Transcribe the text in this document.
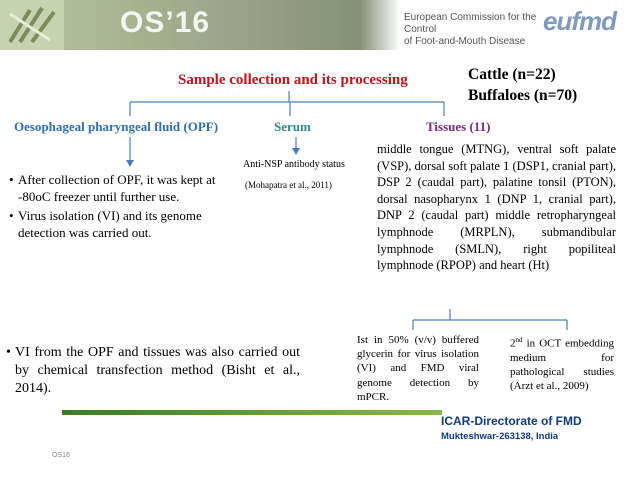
OS’16	European Commission for the Control
of Foot-and-Mouth Disease
eufmd
Sample collection and its processing	Cattle (n=22)
Buffaloes (n=70)
Oesophageal pharyngeal fluid (OPF)	Serum	Tissues (11)
middle tongue (MTNG), ventral soft palate (VSP), dorsal soft palate 1 (DSP1, cranial part), DSP 2 (caudal part), palatine tonsil (PTON), dorsal nasopharynx 1 (DNP 1, cranial part), DNP 2 (caudal part) middle retropharyngeal lymphnode (MRPLN), submandibular lymphnode (SMLN), right popiliteal lymphnode (RPOP) and heart (Ht)
Anti-NSP antibody status
(Mohapatra et al., 2011)
• After collection of OPF, it was kept at -80oC freezer until further use.
• Virus isolation (VI) and its genome detection was carried out.
• VI from the OPF and tissues was also carried out by chemical transfection method (Bisht et al., 2014).
Ist in 50% (v/v) buffered glycerin for virus isolation (VI) and FMD viral genome detection by mPCR.
2nd in OCT embedding medium for pathological studies (Arzt et al., 2009)
ICAR-Directorate of FMD
Mukteshwar-263138, India
OS16
